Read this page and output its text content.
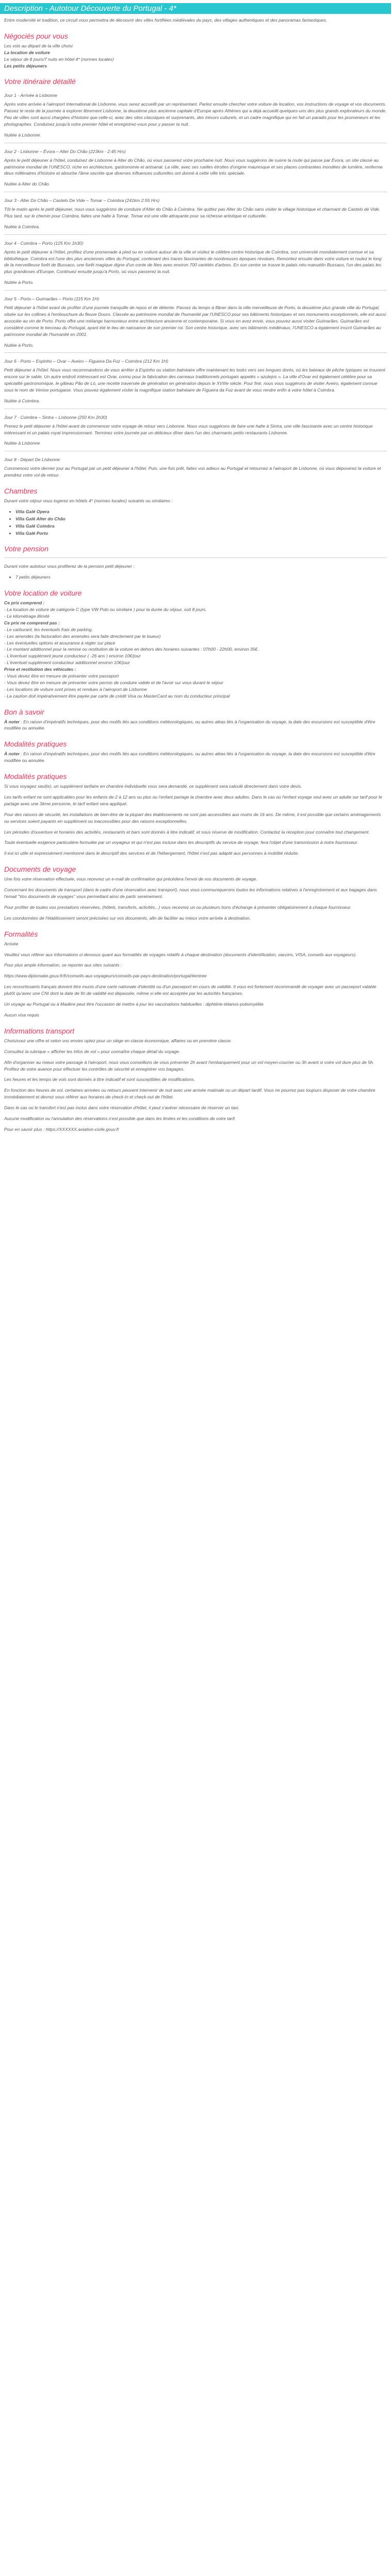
Description - Autotour Découverte du Portugal - 4*

Entre modernité et tradition, ce circuit vous permettra de découvrir des villes fortifiées médiévales du pays, des villages authentiques et des panoramas fantastiques.

Négociés pour vous
Les vols au départ de la ville choisi
La location de voiture
Le séjour de 8 jours/7 nuits en hôtel 4* (normes locales)
Les petits déjeuners
Votre itinéraire détaillé
Jour 1 - Arrivée à Lisbonne

Après votre arrivée à l'aéroport International de Lisbonne, vous serez accueilli par un représentant. Partez ensuite chercher votre voiture de location, vos instructions de voyage et vos documents. Passez le reste de la journée à explorer librement Lisbonne, la deuxième plus ancienne capitale d'Europe après Athènes qui a déjà accueilli quelques-uns des plus grands explorateurs du monde. Peu de villes sont aussi chargées d'histoire que celle-ci, avec des sites classiques et surprenants, des trésors culturels, et un cadre magnifique qui en fait un paradis pour les promeneurs et les photographes. Conduisez jusqu'à votre premier hôtel et enregistrez-vous pour y passer la nuit.

Nuitée à Lisbonne.

Jour 2 - Lisbonne – Évora – Alter Do Chão (223km - 2:45 Hrs)

Après le petit déjeuner à l'hôtel, conduisez de Lisbonne à Alter do Chão, où vous passerez votre prochaine nuit. Nous vous suggérons de suivre la route qui passe par Évora, un site classé au patrimoine mondial de l'UNESCO, riche en architecture, gastronomie et artisanat. La ville, avec ses ruelles étroites d'origine mauresque et ses places contrastées inondées de lumière, renferme deux millénaires d'histoire et absorbe l'âme secrète que diverses influences culturelles ont donné à cette ville très spéciale.

Nuitée à Alter do Chão.

Jour 3 - Alter Do Chão – Castelo De Vide – Tomar – Coimbra (241km 2:55 Hrs)

Tôt le matin après le petit déjeuner, nous vous suggérons de conduire d'Alter do Chão à Coimbra. Ne quittez pas Alter do Chão sans visiter le village historique et charmant de Castelo de Vide. Plus tard, sur le chemin pour Coimbra, faites une halte à Tomar. Tomar est une ville attrayante pour sa richesse artistique et culturelle.

Nuitée à Coimbra.

Jour 4 - Coimbra – Porto (125 Km 1h30)

Après le petit déjeuner à l'hôtel, profitez d'une promenade à pied ou en voiture autour de la ville et visitez le célèbre centre historique de Coimbra, son université mondialement connue et sa bibliothèque. Coimbra est l'une des plus anciennes villes du Portugal, contenant des traces fascinantes de nombreuses époques révolues. Remontez ensuite dans votre voiture et roulez le long de la merveilleuse forêt de Bussaco, une forêt magique digne d'un conte de fées avec environ 700 variétés d'arbres. En son centre se trouve le palais néo-manuélin Bussaco, l'un des palais les plus grandioses d'Europe. Continuez ensuite jusqu'à Porto, où vous passerez la nuit.

Nuitée à Porto.

Jour 5 - Porto – Guimarães – Porto (115 Km 1H)

Petit déjeuner à l'hôtel avant de profiter d'une journée tranquille de repos et de détente. Passez du temps à flâner dans la ville merveilleuse de Porto, la deuxième plus grande ville du Portugal, située sur les collines à l'embouchure du fleuve Douro. Classée au patrimoine mondial de l'humanité par l'UNESCO pour ses bâtiments historiques et ses monuments exceptionnels, elle est aussi associée au vin de Porto. Porto offre une mélange harmonieux entre architecture ancienne et contemporaine. Si vous en avez envie, vous pouvez aussi visiter Guimarães. Guimarães est considéré comme le berceau du Portugal, ayant été le lieu de naissance de son premier roi. Son centre historique, avec ses bâtiments médiévaux, l'UNESCO a également inscrit Guimarães au patrimoine mondial de l'humanité en 2001.

Nuitée à Porto.

Jour 6 - Porto – Espinho – Ovar – Aveiro – Figueira Da Foz – Coimbra (212 Km 1H)

Petit déjeuner à l'hôtel. Nous vous recommandons de vous arrêter à Espinho ou station balnéaire offre maintenant les looks vers ses longues dorés, où les bateaux de pêche typiques se trouvent encore sur le sable. Un autre endroit intéressant est Ovar, connu pour la fabrication des carreaux traditionnels portugais appelés « azulejos ». La ville d'Ovar est également célèbre pour sa spécialité gastronomique, le gâteau Pão de Ló, une recette traversée de génération en génération depuis le XVIIIe siècle. Pour finir, nous vous suggérons de visiter Aveiro, également connue sous le nom de Venise portugaise. Vous pouvez également visiter la magnifique station balnéaire de Figueira da Foz avant de vous rendre enfin à votre hôtel à Coimbra.

Nuitée à Coimbra.

Jour 7 - Coimbra – Sintra – Lisbonne (250 Km 2h30)

Prenez le petit déjeuner à l'hôtel avant de commencer votre voyage de retour vers Lisbonne. Nous vous suggérons de faire une halte à Sintra, une ville fascinante avec un centre historique intéressant et un palais royal impressionnant. Terminez votre journée par un délicieux dîner dans l'un des charmants petits restaurants Lisbonne.

Nuitée à Lisbonne

Jour 8 - Départ De Lisbonne

Commencez votre dernier jour au Portugal par un petit déjeuner à l'hôtel. Puis, une fois prêt, faites vos adieux au Portugal et retournez à l'aéroport de Lisbonne, où vous déposerez la voiture et prendrez votre vol de retour.

Chambres

Durant votre séjour vous logerez en hôtels 4* (normes locales) suivants ou similaires :

• Villa Galé Opera
• Villa Galé Alter do Chão
• Villa Galé Coimbra
• Villa Galé Porto
Votre pension

Durant votre autotour vous profiterez de la pension petit déjeuner :

• 7 petits déjeuners
Votre location de voiture
Ce prix comprend :
- La location de voiture de catégorie C (type VW Polo ou similaire ) pour la durée du séjour, soit 8 jours.
- Le kilométrage illimité
Ce prix ne comprend pas :
- Le carburant, les éventuels frais de parking.
- Les amendes (la facturation des amendes sera faite directement par le loueur)
- Les éventuelles options et assurance à régler sur place
- Le montant additionnel pour la remise ou restitution de la voiture en dehors des horaires suivantes : 07h00 - 22h00, environ 35€.
- L'éventuel supplément jeune conducteur ( -26 ans ) environ 10€/jour
- L'éventuel supplément conducteur additionnel environ 10€/jour
Prise et restitution des véhicules :
- Vous devez être en mesure de présenter votre passeport
- Vous devez être en mesure de présenter votre permis de conduire valide et de l'avoir sur vous durant le séjour
- Les locations de voiture sont prises et rendues à l'aéroport de Lisbonne
- La caution doit impérativement être payée par carte de crédit Visa ou MasterCard au nom du conducteur principal
Bon à savoir

À noter : En raison d'impératifs techniques, pour des motifs liés aux conditions météorologiques, ou autres aléas liés à l'organisation du voyage, la date des excursions est susceptible d'être modifiée ou annulée.

Modalités pratiques

À noter : En raison d'impératifs techniques, pour des motifs liés aux conditions météorologiques, ou autres aléas liés à l'organisation du voyage, la date des excursions est susceptible d'être modifiée ou annulée.

Modalités pratiques

Si vous voyagez seul(e), un supplément tarifaire en chambre individuelle vous sera demandé, ce supplément sera calculé directement dans votre devis.

Les tarifs enfant ne sont applicables pour les enfants de 2 à 12 ans ou plus ou l'enfant partage la chambre avec deux adultes. Dans le cas où l'enfant voyage seul avec un adulte sur tarif pour le partage avec une 3ème personne, le tarif enfant sera appliqué.

Pour des raisons de sécurité, les installations de bien-être de la plupart des établissements ne sont pas accessibles aux moins de 16 ans. De même, il est possible que certains aménagements ou services soient payants en supplément ou inaccessibles pour des raisons exceptionnelles.

Les périodes d'ouverture et horaires des activités, restaurants et bars sont donnés à titre indicatif, et sous réserve de modification. Contactez la réception pour connaître tout changement.

Toute éventuelle exigence particulière formulée par un voyageur et qui n'est pas incluse dans les descriptifs du service de voyage, fera l'objet d'une transmission à notre fournisseur.

Il est ici utile et expressément mentionné dans le descriptif des services et de l'hébergement, l'hôtel n'est pas adapté aux personnes à mobilité réduite.

Documents de voyage

Une fois votre réservation effectuée, vous recevrez un e-mail de confirmation qui précèdera l'envoi de vos documents de voyage.

Concernant les documents de transport (dans le cadre d'une réservation avec transport), nous vous communiquerons toutes les informations relatives à l'enregistrement et aux bagages dans l'email "Vos documents de voyages" vous permettant ainsi de partir sereinement.

Pour profiter de toutes vos prestations réservées, (hôtels, transferts, activités...) vous recevrez un ou plusieurs bons d'échange à présenter obligatoirement à chaque fournisseur.

Les coordonnées de l'établissement seront précisées sur vos documents, afin de faciliter au mieux votre arrivée à destination.

Formalités

Arrivée

Veuillez vous référer aux informations ci-dessous quant aux formalités de voyages relatifs à chaque destination (documents d'identification, vaccins, VISA, conseils aux voyageurs).

Pour plus ample information, se reporter aux sites suivants :

https://www.diplomatie.gouv.fr/fr/conseils-aux-voyageurs/conseils-par-pays-destination/portugal/#entree

Les ressortissants français doivent être munis d'une carte nationale d'identité ou d'un passeport en cours de validité. Il vous est fortement recommandé de voyager avec un passeport valable plutôt qu'avec une CNI dont la date de fin de validité est dépassée, même si elle est acceptée par les autorités françaises.

Un voyage au Portugal ou à Madère peut être l'occasion de mettre à jour les vaccinations habituelles : diphtérie-tétanos-poliomyélite.

Aucun visa requis

Informations transport

Choisissez une offre et selon vos envies optez pour un siège en classe économique, affaires ou en première classe.

Consultez la rubrique « afficher les infos de vol » pour connaître chaque détail du voyage.

Afin d'organiser au mieux votre passage à l'aéroport, nous vous conseillons de vous présenter 2h avant l'embarquement pour un vol moyen-courrier ou 3h avant si votre vol dure plus de 5h. Profitez de votre avance pour effectuer les contrôles de sécurité et enregistrer vos bagages.

Les heures et les temps de vols sont donnés à titre indicatif et sont susceptibles de modifications.

En fonction des heures de vol, certaines arrivées ou retours peuvent intervenir de nuit avec une arrivée matinale ou un départ tardif. Vous ne pourrez pas toujours disposer de votre chambre immédiatement et devrez vous référer aux horaires de check-in et check-out de l'hôtel.

Dans le cas où le transfert n'est pas inclus dans votre réservation d'hôtel, il peut s'avérer nécessaire de réserver un taxi.

Aucune modification ou l'annulation des réservations n'est possible que dans les limites et les conditions de votre tarif.

Pour en savoir plus : https://XXXXXX.aviation-civile.gouv.fr
